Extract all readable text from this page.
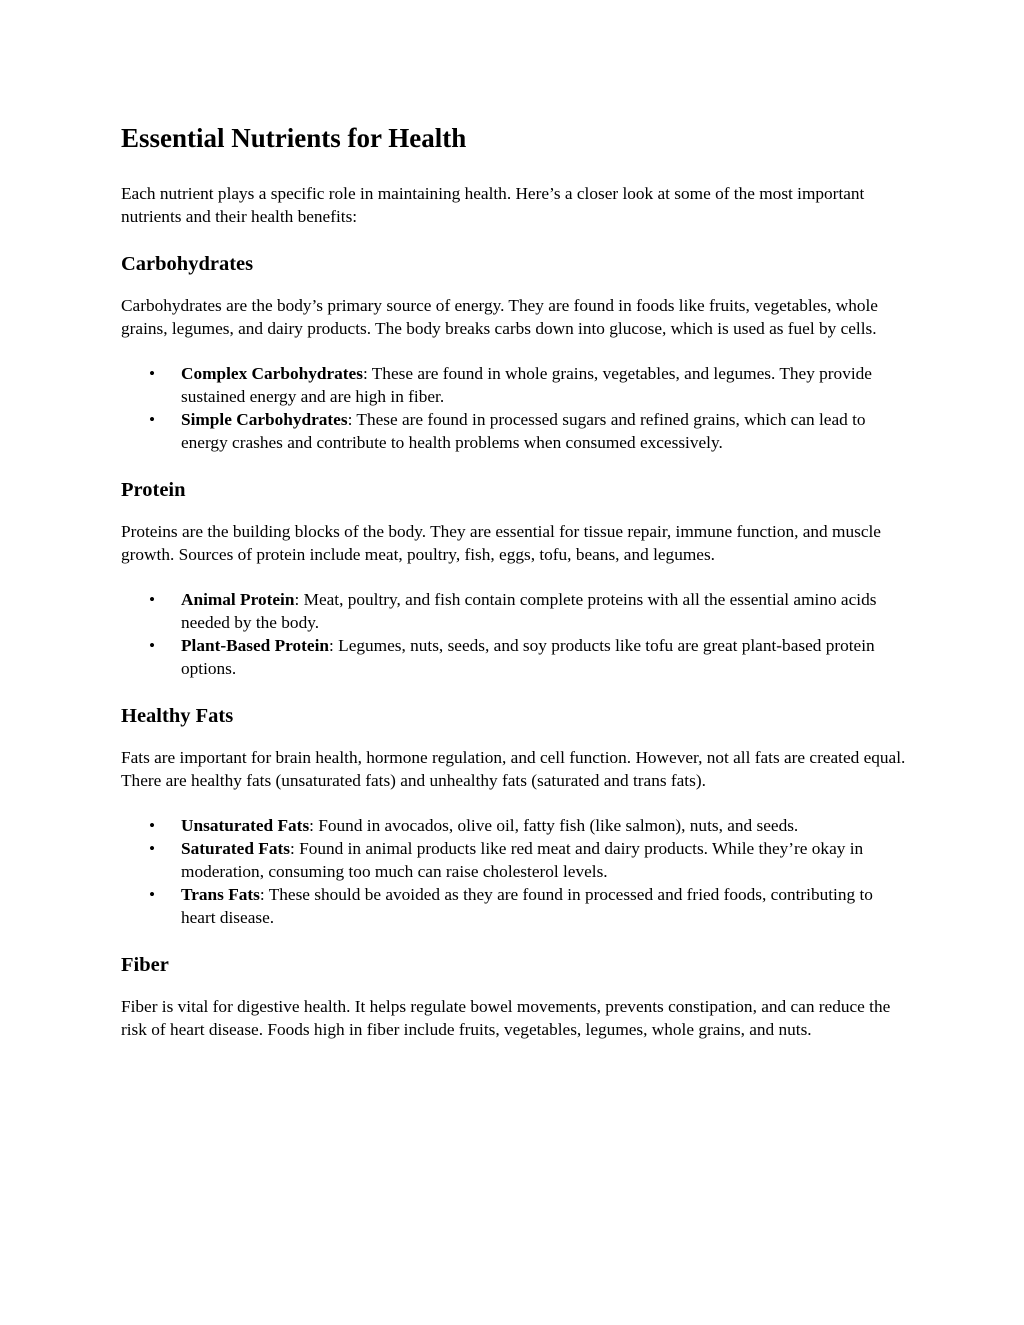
Essential Nutrients for Health

Each nutrient plays a specific role in maintaining health. Here’s a closer look at some of the most important nutrients and their health benefits:

Carbohydrates

Carbohydrates are the body’s primary source of energy. They are found in foods like fruits, vegetables, whole grains, legumes, and dairy products. The body breaks carbs down into glucose, which is used as fuel by cells.

• Complex Carbohydrates: These are found in whole grains, vegetables, and legumes. They provide sustained energy and are high in fiber.
• Simple Carbohydrates: These are found in processed sugars and refined grains, which can lead to energy crashes and contribute to health problems when consumed excessively.
Protein

Proteins are the building blocks of the body. They are essential for tissue repair, immune function, and muscle growth. Sources of protein include meat, poultry, fish, eggs, tofu, beans, and legumes.

• Animal Protein: Meat, poultry, and fish contain complete proteins with all the essential amino acids needed by the body.
• Plant-Based Protein: Legumes, nuts, seeds, and soy products like tofu are great plant-based protein options.
Healthy Fats

Fats are important for brain health, hormone regulation, and cell function. However, not all fats are created equal. There are healthy fats (unsaturated fats) and unhealthy fats (saturated and trans fats).

• Unsaturated Fats: Found in avocados, olive oil, fatty fish (like salmon), nuts, and seeds.
• Saturated Fats: Found in animal products like red meat and dairy products. While they’re okay in moderation, consuming too much can raise cholesterol levels.
• Trans Fats: These should be avoided as they are found in processed and fried foods, contributing to heart disease.
Fiber

Fiber is vital for digestive health. It helps regulate bowel movements, prevents constipation, and can reduce the risk of heart disease. Foods high in fiber include fruits, vegetables, legumes, whole grains, and nuts.
